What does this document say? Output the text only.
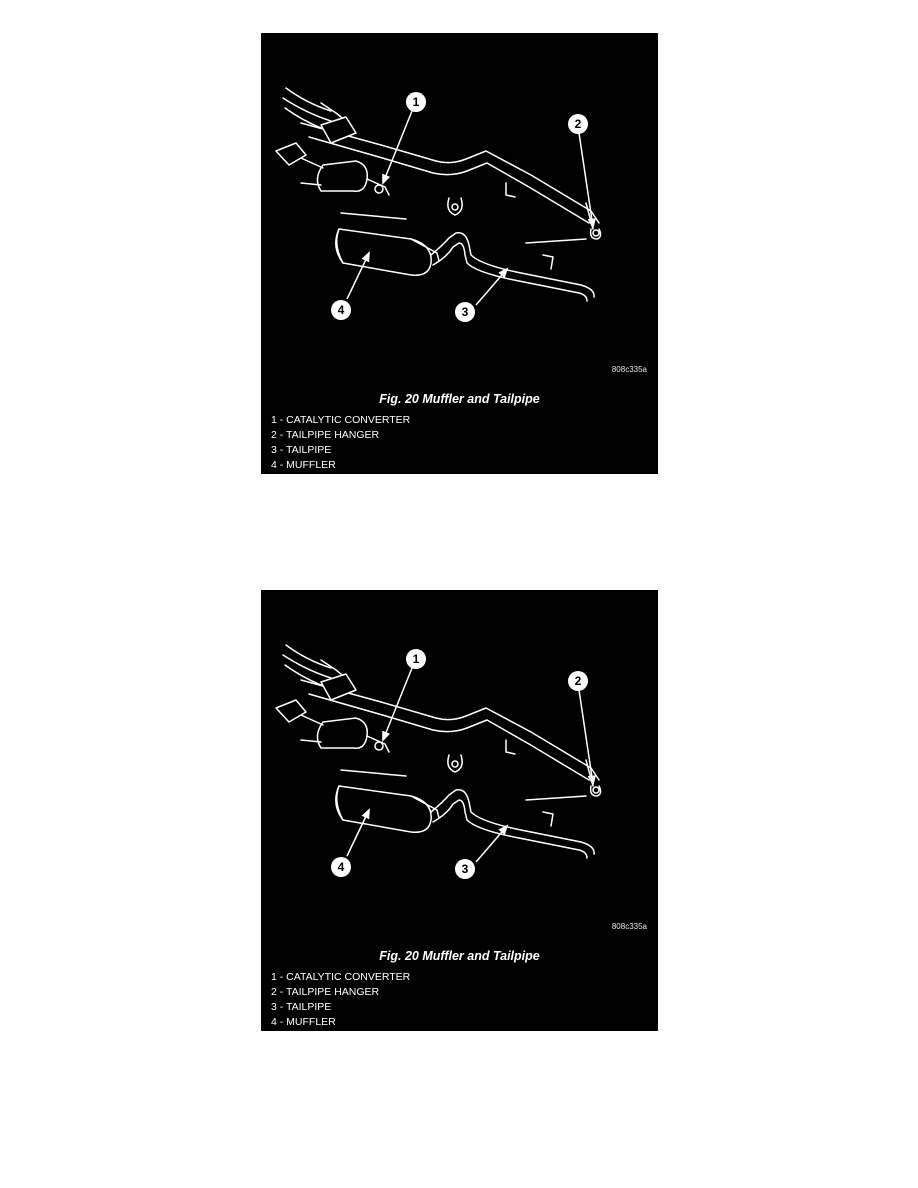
1
2
3
4
808c335a
Fig. 20 Muffler and Tailpipe
1 - CATALYTIC CONVERTER
2 - TAILPIPE HANGER
3 - TAILPIPE
4 - MUFFLER
1
2
3
4
808c335a
Fig. 20 Muffler and Tailpipe
1 - CATALYTIC CONVERTER
2 - TAILPIPE HANGER
3 - TAILPIPE
4 - MUFFLER
